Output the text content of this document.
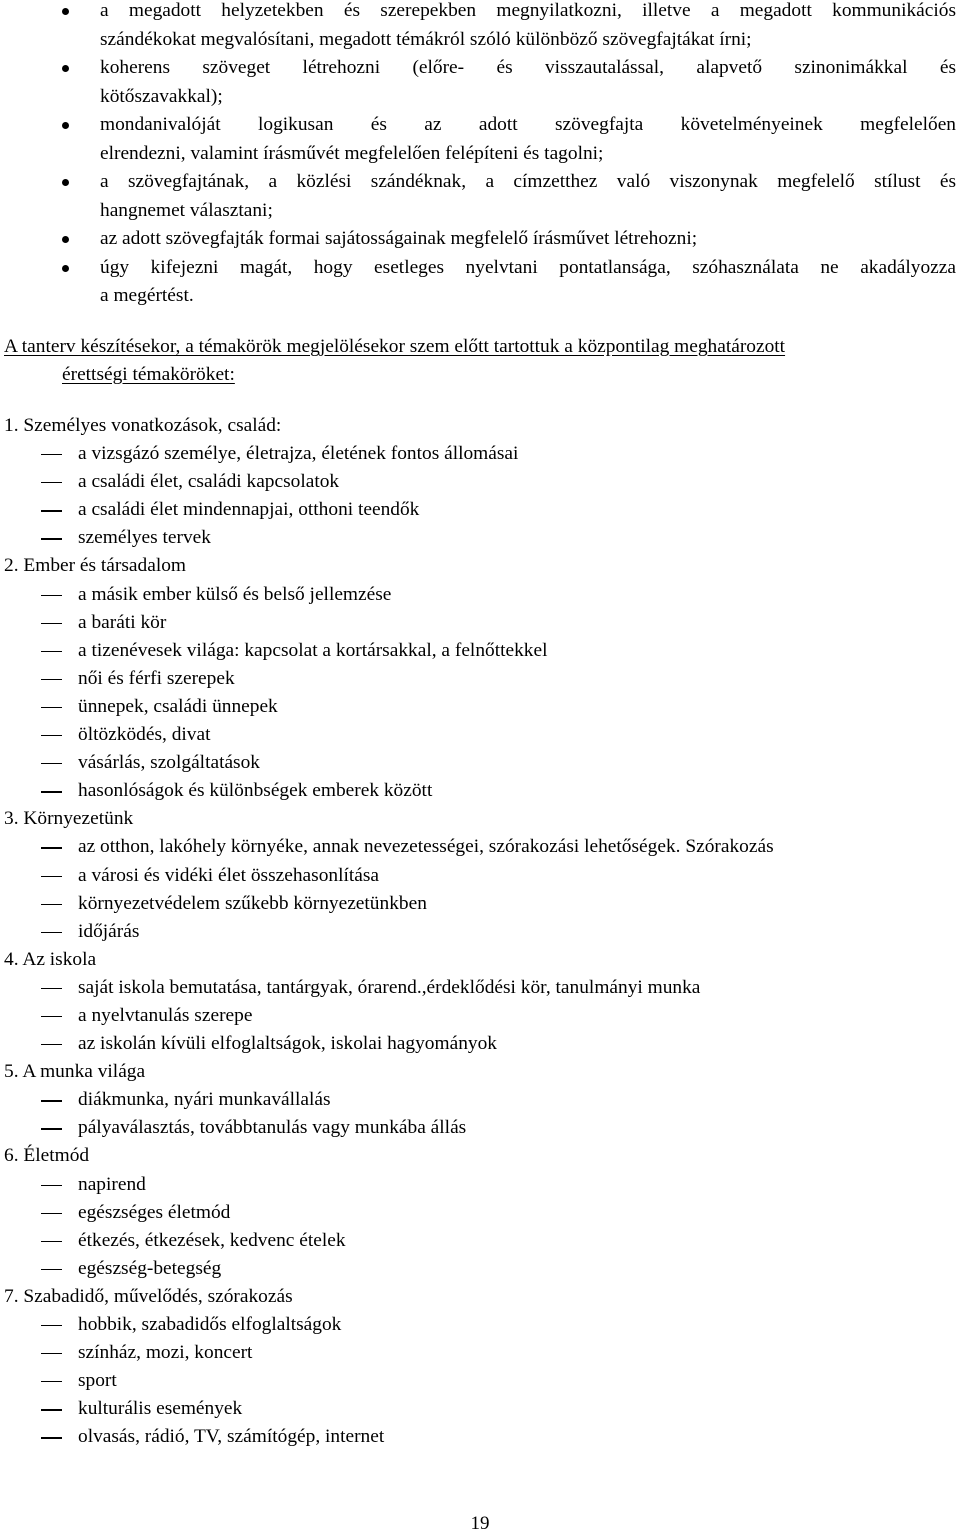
a megadott helyzetekben és szerepekben megnyilatkozni, illetve a megadott kommunikációs
szándékokat megvalósítani, megadott témákról szóló különböző szövegfajtákat írni;
koherens szöveget létrehozni (előre- és visszautalással, alapvető szinonimákkal és
kötőszavakkal);
mondanivalóját logikusan és az adott szövegfajta követelményeinek megfelelően
elrendezni, valamint írásművét megfelelően felépíteni és tagolni;
a szövegfajtának, a közlési szándéknak, a címzetthez való viszonynak megfelelő stílust és
hangnemet választani;
az adott szövegfajták formai sajátosságainak megfelelő írásművet létrehozni;
úgy kifejezni magát, hogy esetleges nyelvtani pontatlansága, szóhasználata ne akadályozza
a megértést.
A tanterv készítésekor, a témakörök megjelölésekor szem előtt tartottuk a központilag meghatározott
érettségi témaköröket:
1. Személyes vonatkozások, család:
a vizsgázó személye, életrajza, életének fontos állomásai
a családi élet, családi kapcsolatok
a családi élet mindennapjai, otthoni teendők
személyes tervek
2. Ember és társadalom
a másik ember külső és belső jellemzése
a baráti kör
a tizenévesek világa: kapcsolat a kortársakkal, a felnőttekkel
női és férfi szerepek
ünnepek, családi ünnepek
öltözködés, divat
vásárlás, szolgáltatások
hasonlóságok és különbségek emberek között
3. Környezetünk
az otthon, lakóhely környéke, annak nevezetességei, szórakozási lehetőségek. Szórakozás
a városi és vidéki élet összehasonlítása
környezetvédelem szűkebb környezetünkben
időjárás
4. Az iskola
saját iskola bemutatása, tantárgyak, órarend.,érdeklődési kör, tanulmányi munka
a nyelvtanulás szerepe
az iskolán kívüli elfoglaltságok, iskolai hagyományok
5. A munka világa
diákmunka, nyári munkavállalás
pályaválasztás, továbbtanulás vagy munkába állás
6. Életmód
napirend
egészséges életmód
étkezés, étkezések, kedvenc ételek
egészség-betegség
7. Szabadidő, művelődés, szórakozás
hobbik, szabadidős elfoglaltságok
színház, mozi, koncert
sport
kulturális események
olvasás, rádió, TV, számítógép, internet
19
